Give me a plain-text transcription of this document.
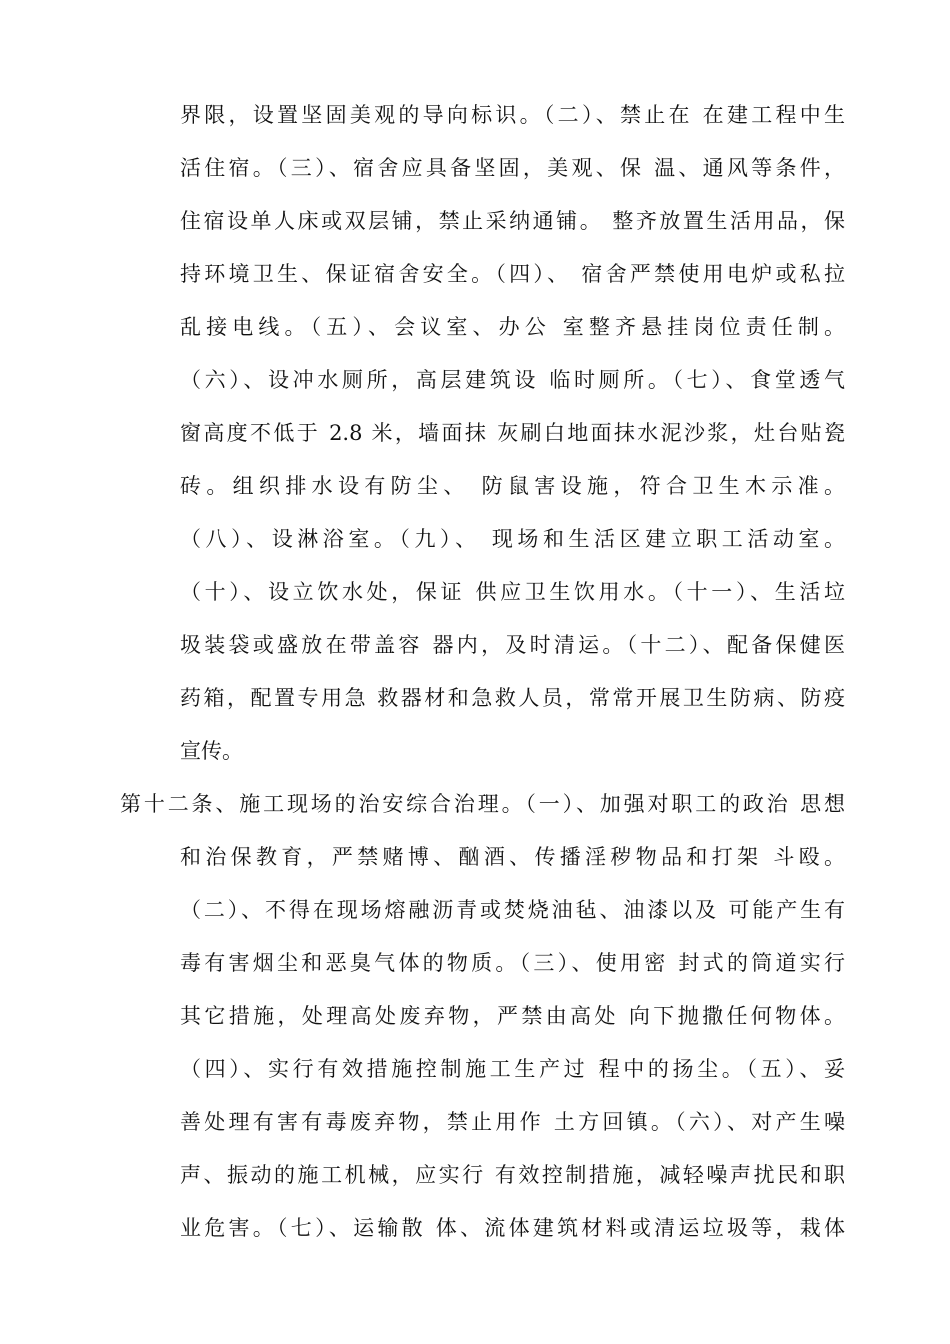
界限，设置坚固美观的导向标识。（二）、禁止在 在建工程中生
活住宿。（三）、宿舍应具备坚固，美观、保 温、通风等条件，
住宿设单人床或双层铺，禁止采纳通铺。 整齐放置生活用品，保
持环境卫生、保证宿舍安全。（四）、 宿舍严禁使用电炉或私拉
乱接电线。（五）、会议室、办公 室整齐悬挂岗位责任制。
（六）、设冲水厕所，高层建筑设 临时厕所。（七）、食堂透气
窗高度不低于 2.8 米，墙面抹 灰刷白地面抹水泥沙浆，灶台贴瓷
砖。组织排水设有防尘、 防鼠害设施，符合卫生木示准。
（八）、设淋浴室。（九）、 现场和生活区建立职工活动室。
（十）、设立饮水处，保证 供应卫生饮用水。（十一）、生活垃
圾装袋或盛放在带盖容 器内，及时清运。（十二）、配备保健医
药箱，配置专用急 救器材和急救人员，常常开展卫生防病、防疫
宣传。
第十二条、施工现场的治安综合治理。（一）、加强对职工的政治 思想
和治保教育，严禁赌博、酗酒、传播淫秽物品和打架 斗殴。
（二）、不得在现场熔融沥青或焚烧油毡、油漆以及 可能产生有
毒有害烟尘和恶臭气体的物质。（三）、使用密 封式的筒道实行
其它措施，处理高处废弃物，严禁由高处 向下抛撒任何物体。
（四）、实行有效措施控制施工生产过 程中的扬尘。（五）、妥
善处理有害有毒废弃物，禁止用作 土方回镇。（六）、对产生噪
声、振动的施工机械，应实行 有效控制措施，减轻噪声扰民和职
业危害。（七）、运输散 体、流体建筑材料或清运垃圾等，栽体
